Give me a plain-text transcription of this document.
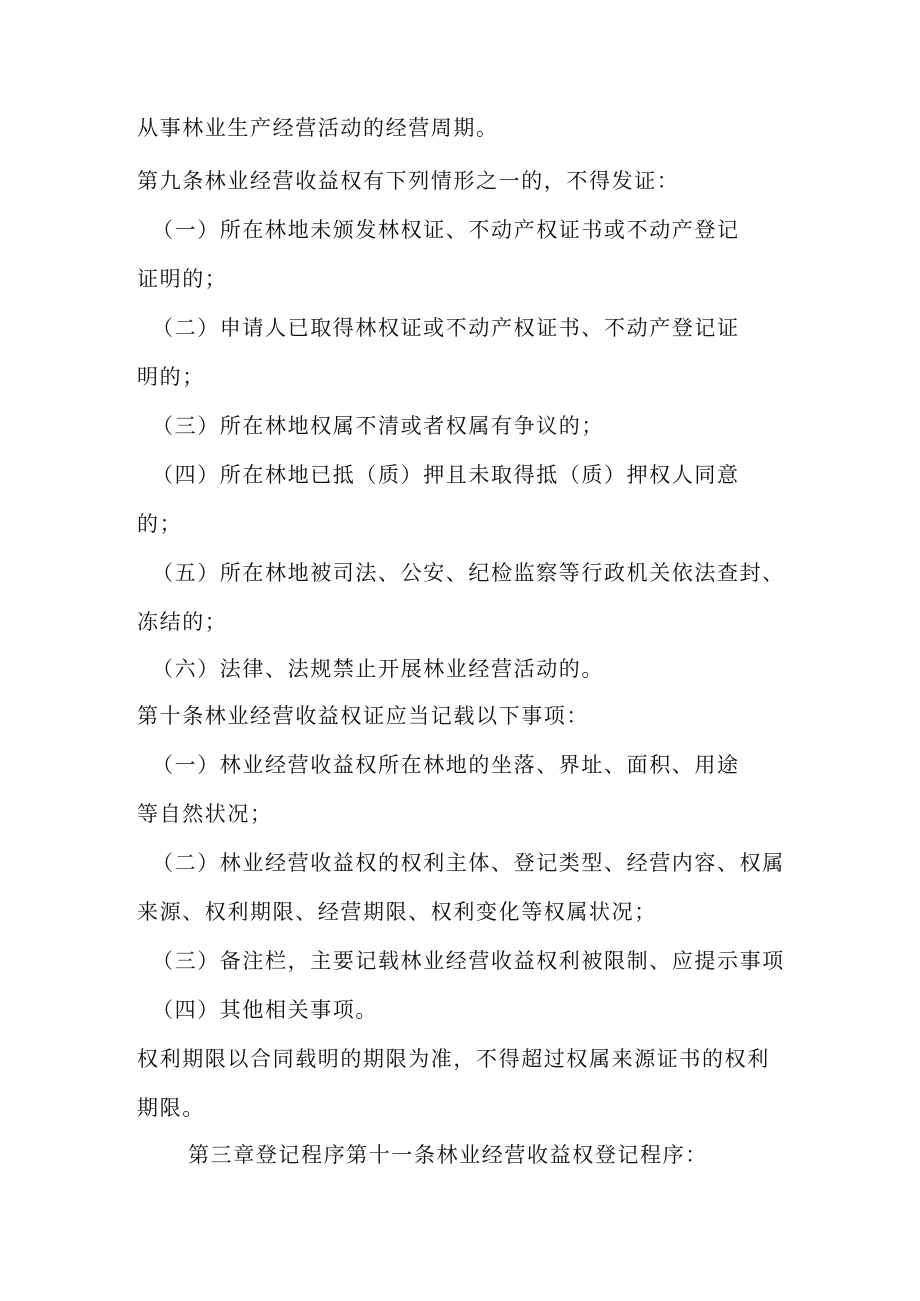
从事林业生产经营活动的经营周期。
第九条林业经营收益权有下列情形之一的，不得发证：
（一）所在林地未颁发林权证、不动产权证书或不动产登记
证明的；
（二）申请人已取得林权证或不动产权证书、不动产登记证
明的；
（三）所在林地权属不清或者权属有争议的；
（四）所在林地已抵（质）押且未取得抵（质）押权人同意
的；
（五）所在林地被司法、公安、纪检监察等行政机关依法查封、
冻结的；
（六）法律、法规禁止开展林业经营活动的。
第十条林业经营收益权证应当记载以下事项：
（一）林业经营收益权所在林地的坐落、界址、面积、用途
等自然状况；
（二）林业经营收益权的权利主体、登记类型、经营内容、权属
来源、权利期限、经营期限、权利变化等权属状况；
（三）备注栏，主要记载林业经营收益权利被限制、应提示事项
（四）其他相关事项。
权利期限以合同载明的期限为准，不得超过权属来源证书的权利
期限。
第三章登记程序第十一条林业经营收益权登记程序：
